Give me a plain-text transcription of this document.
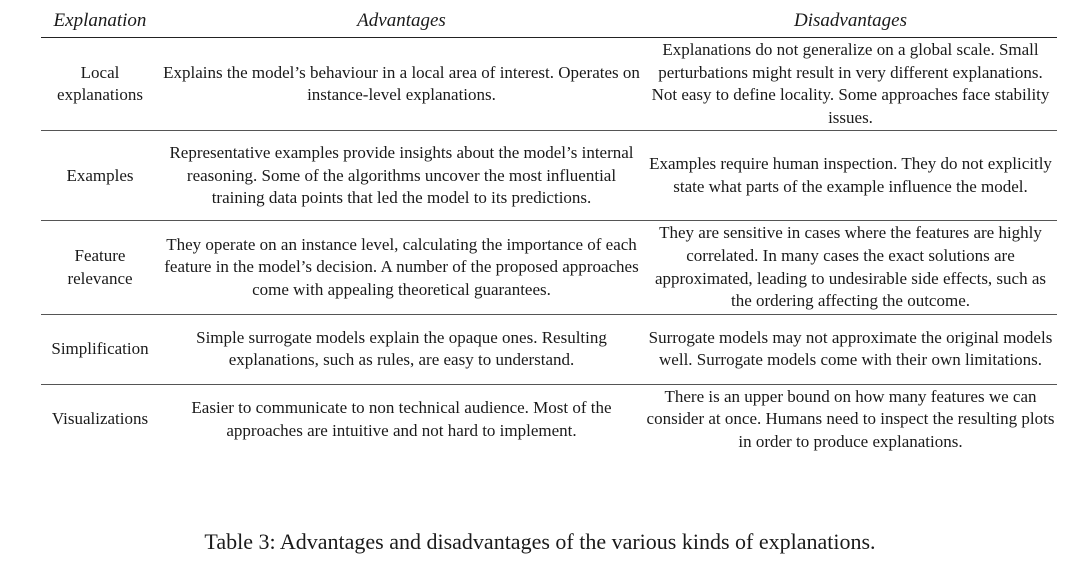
Explanation	Advantages	Disadvantages
Local explanations	Explains the model’s behaviour in a local area of interest. Operates on instance-level explanations.	Explanations do not generalize on a global scale. Small perturbations might result in very different explanations. Not easy to define locality. Some approaches face stability issues.
Examples	Representative examples provide insights about the model’s internal reasoning. Some of the algorithms uncover the most influential training data points that led the model to its predictions.	Examples require human inspection. They do not explicitly state what parts of the example influence the model.
Feature relevance	They operate on an instance level, calculating the importance of each feature in the model’s decision. A number of the proposed approaches come with appealing theoretical guarantees.	They are sensitive in cases where the features are highly correlated. In many cases the exact solutions are approximated, leading to undesirable side effects, such as the ordering affecting the outcome.
Simplification	Simple surrogate models explain the opaque ones. Resulting explanations, such as rules, are easy to understand.	Surrogate models may not approximate the original models well. Surrogate models come with their own limitations.
Visualizations	Easier to communicate to non technical audience. Most of the approaches are intuitive and not hard to implement.	There is an upper bound on how many features we can consider at once. Humans need to inspect the resulting plots in order to produce explanations.
Table 3: Advantages and disadvantages of the various kinds of explanations.
